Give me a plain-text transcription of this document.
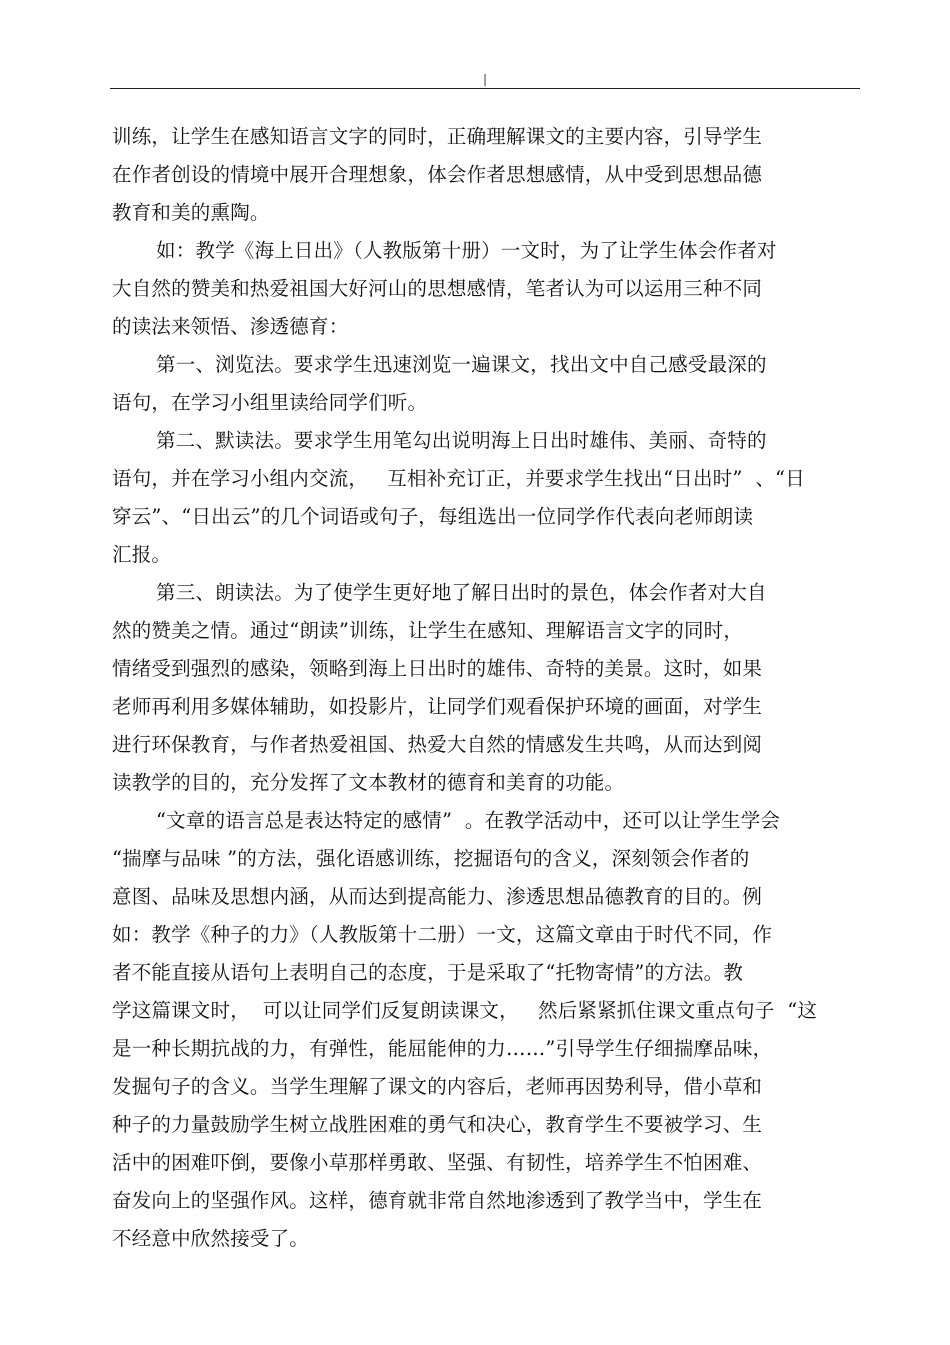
|
训练，让学生在感知语言文字的同时，正确理解课文的主要内容，引导学生
在作者创设的情境中展开合理想象，体会作者思想感情，从中受到思想品德
教育和美的熏陶。
如：教学《海上日出》（人教版第十册）一文时，为了让学生体会作者对
大自然的赞美和热爱祖国大好河山的思想感情，笔者认为可以运用三种不同
的读法来领悟、渗透德育：
第一、浏览法。要求学生迅速浏览一遍课文，找出文中自己感受最深的
语句，在学习小组里读给同学们听。
第二、默读法。要求学生用笔勾出说明海上日出时雄伟、美丽、奇特的
语句，并在学习小组内交流，   互相补充订正，并要求学生找出“日出时”  、“日
穿云”、“日出云”的几个词语或句子，每组选出一位同学作代表向老师朗读
汇报。
第三、朗读法。为了使学生更好地了解日出时的景色，体会作者对大自
然的赞美之情。通过“朗读”训练，让学生在感知、理解语言文字的同时，
情绪受到强烈的感染，领略到海上日出时的雄伟、奇特的美景。这时，如果
老师再利用多媒体辅助，如投影片，让同学们观看保护环境的画面，对学生
进行环保教育，与作者热爱祖国、热爱大自然的情感发生共鸣，从而达到阅
读教学的目的，充分发挥了文本教材的德育和美育的功能。
“文章的语言总是表达特定的感情”  。在教学活动中，还可以让学生学会
“揣摩与品味 ”的方法，强化语感训练，挖掘语句的含义，深刻领会作者的
意图、品味及思想内涵，从而达到提高能力、渗透思想品德教育的目的。例
如：教学《种子的力》（人教版第十二册）一文，这篇文章由于时代不同，作
者不能直接从语句上表明自己的态度，于是采取了“托物寄情”的方法。教
学这篇课文时，  可以让同学们反复朗读课文，   然后紧紧抓住课文重点句子  “这
是一种长期抗战的力，有弹性，能屈能伸的力……”引导学生仔细揣摩品味，
发掘句子的含义。当学生理解了课文的内容后，老师再因势利导，借小草和
种子的力量鼓励学生树立战胜困难的勇气和决心，教育学生不要被学习、生
活中的困难吓倒，要像小草那样勇敢、坚强、有韧性，培养学生不怕困难、
奋发向上的坚强作风。这样，德育就非常自然地渗透到了教学当中，学生在
不经意中欣然接受了。
